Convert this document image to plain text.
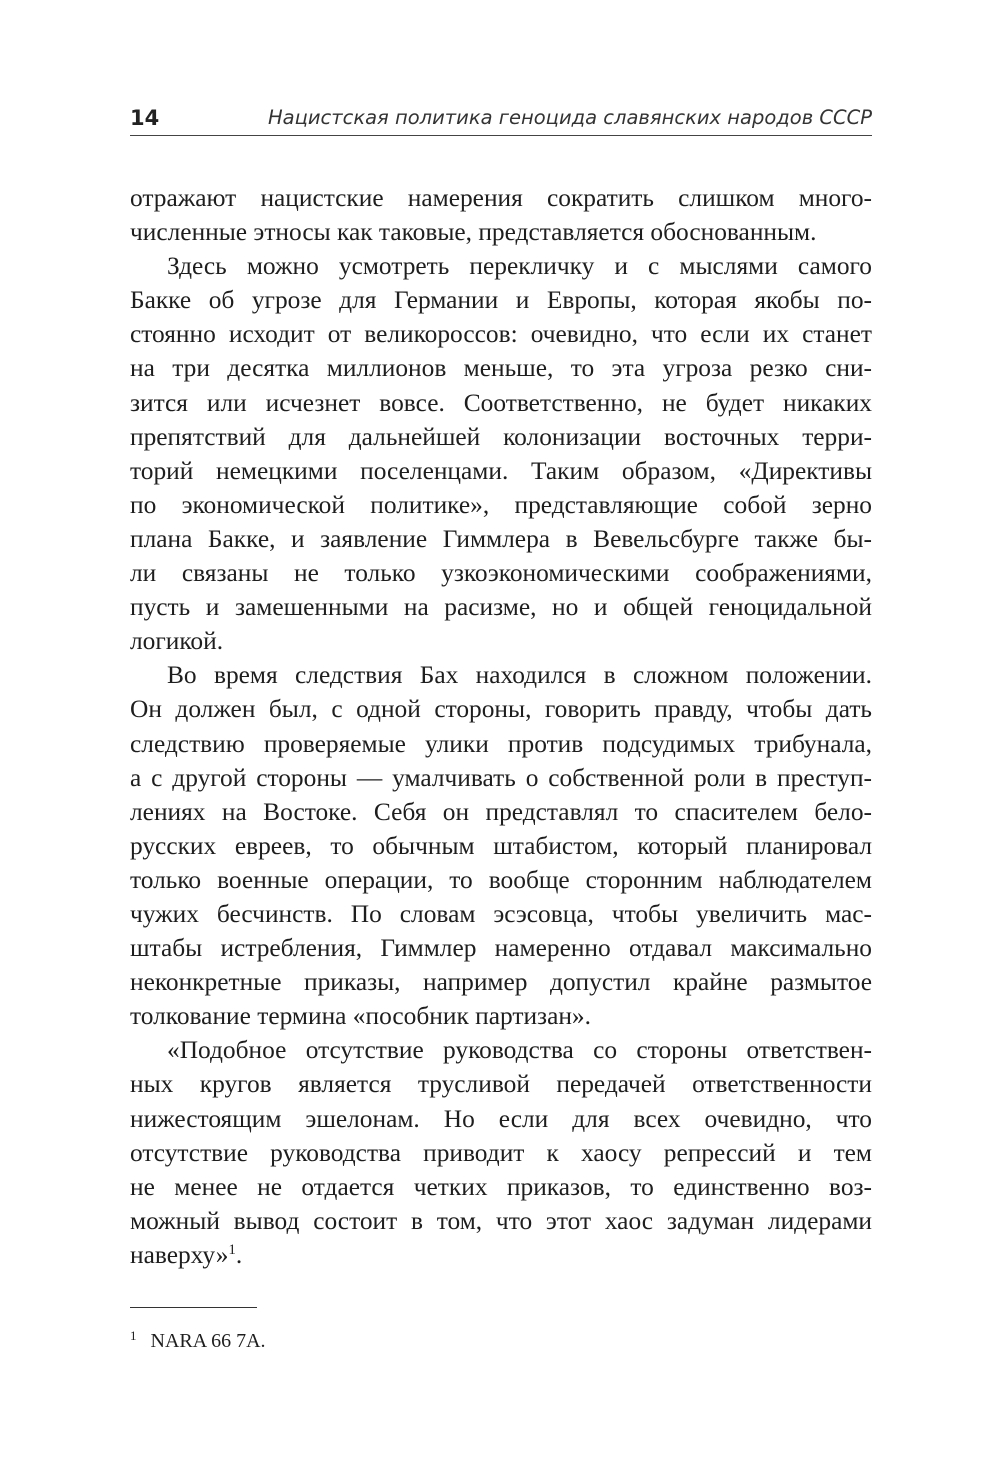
14	Нацистская политика геноцида славянских народов СССР
отражают нацистские намерения сократить слишком много-
численные этносы как таковые, представляется обоснованным.
Здесь можно усмотреть перекличку и с мыслями самого
Бакке об угрозе для Германии и Европы, которая якобы по-
стоянно исходит от великороссов: очевидно, что если их станет
на три десятка миллионов меньше, то эта угроза резко сни-
зится или исчезнет вовсе. Соответственно, не будет никаких
препятствий для дальнейшей колонизации восточных терри-
торий немецкими поселенцами. Таким образом, «Директивы
по экономической политике», представляющие собой зерно
плана Бакке, и заявление Гиммлера в Вевельсбурге также бы-
ли связаны не только узкоэкономическими соображениями,
пусть и замешенными на расизме, но и общей геноцидальной
логикой.
Во время следствия Бах находился в сложном положении.
Он должен был, с одной стороны, говорить правду, чтобы дать
следствию проверяемые улики против подсудимых трибунала,
а с другой стороны — умалчивать о собственной роли в преступ-
лениях на Востоке. Себя он представлял то спасителем бело-
русских евреев, то обычным штабистом, который планировал
только военные операции, то вообще сторонним наблюдателем
чужих бесчинств. По словам эсэсовца, чтобы увеличить мас-
штабы истребления, Гиммлер намеренно отдавал максимально
неконкретные приказы, например допустил крайне размытое
толкование термина «пособник партизан».
«Подобное отсутствие руководства со стороны ответствен-
ных кругов является трусливой передачей ответственности
нижестоящим эшелонам. Но если для всех очевидно, что
отсутствие руководства приводит к хаосу репрессий и тем
не менее не отдается четких приказов, то единственно воз-
можный вывод состоит в том, что этот хаос задуман лидерами
наверху»$^1$.
$^1$ NARA 66 7A.
